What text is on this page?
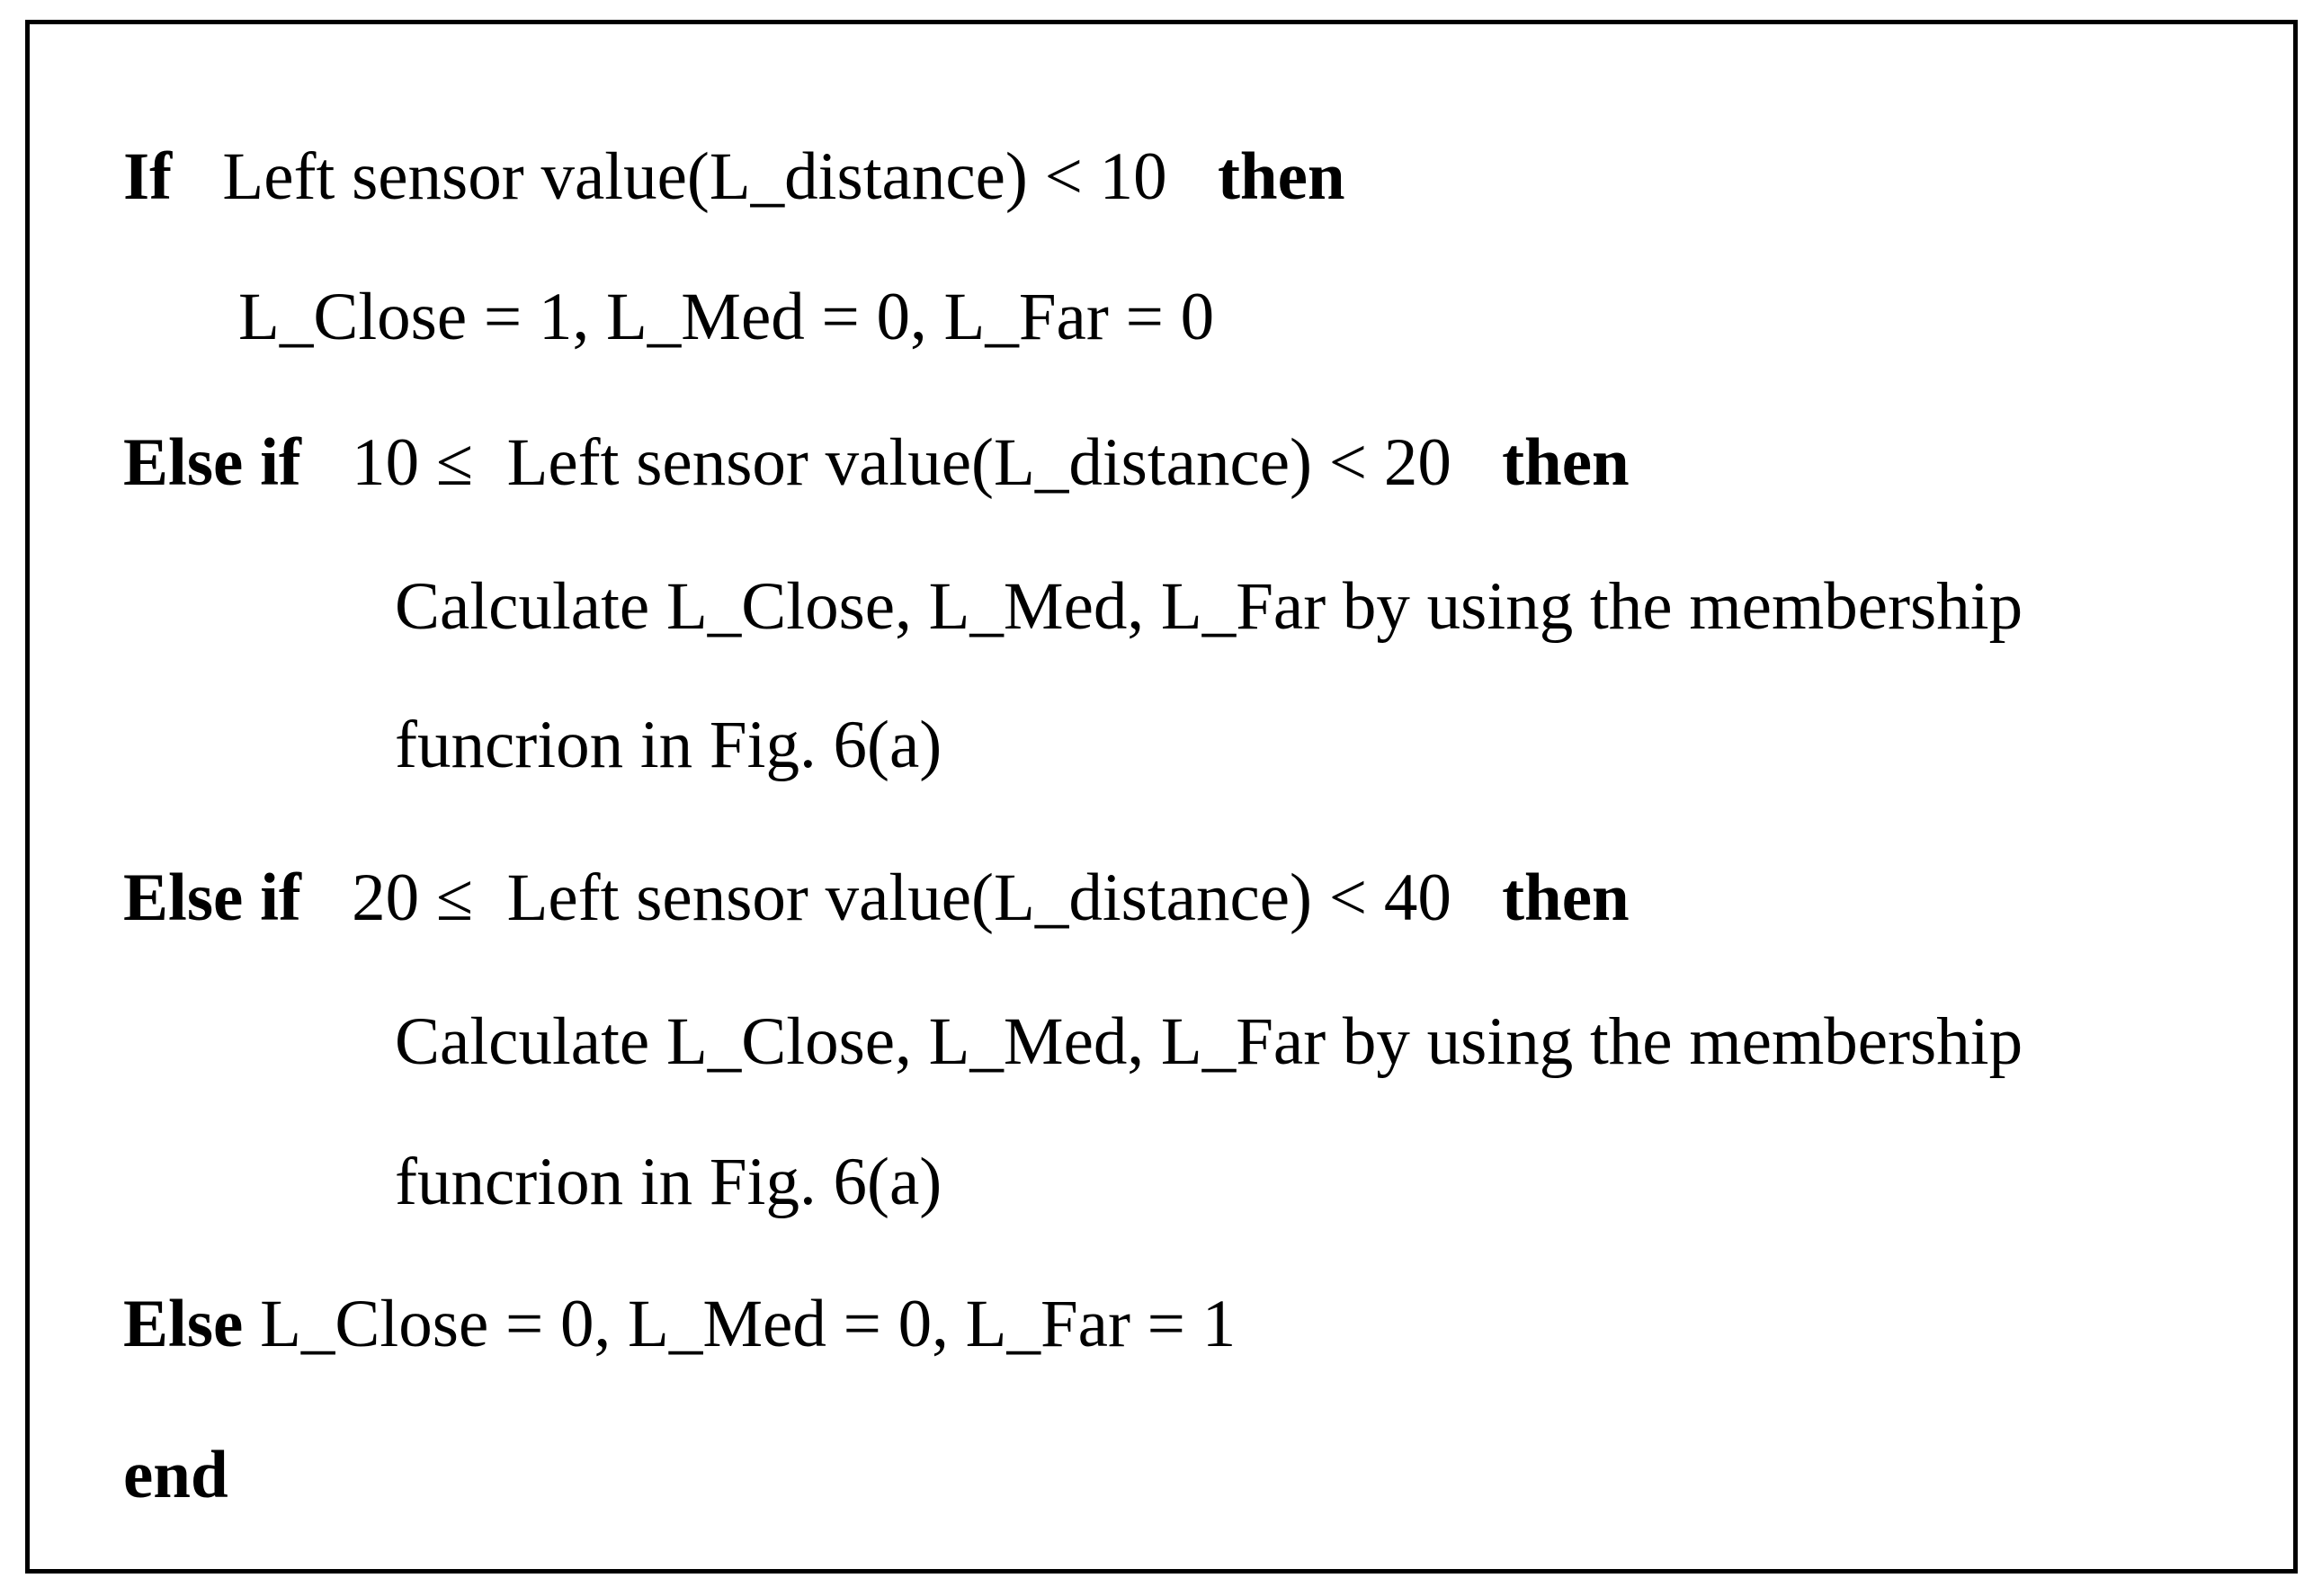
If Left sensor value(L_distance) < 10 then
L_Close = 1, L_Med = 0, L_Far = 0
Else if 10 ≤  Left sensor value(L_distance) < 20 then
Calculate L_Close, L_Med, L_Far by using the membership
funcrion in Fig. 6(a)
Else if 20 ≤  Left sensor value(L_distance) < 40 then
Calculate L_Close, L_Med, L_Far by using the membership
funcrion in Fig. 6(a)
Else L_Close = 0, L_Med = 0, L_Far = 1
end
